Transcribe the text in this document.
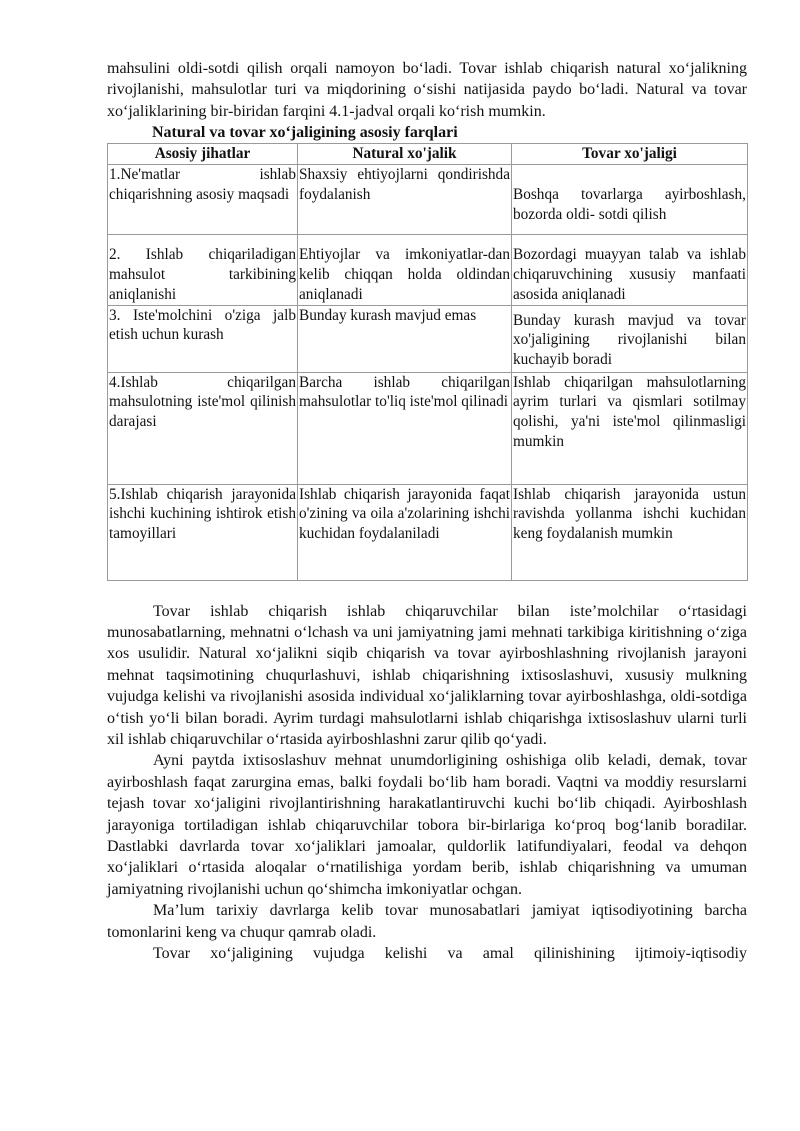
mahsulini oldi-sotdi qilish orqali namoyon bo‘ladi. Tovar ishlab chiqarish natural xo‘jalikning rivojlanishi, mahsulotlar turi va miqdorining o‘sishi natijasida paydo bo‘ladi. Natural va tovar xo‘jaliklarining bir-biridan farqini 4.1-jadval orqali ko‘rish mumkin.

Natural va tovar xo‘jaligining asosiy farqlari
Asosiy jihatlar	Natural xo'jalik	Tovar xo'jaligi
1.Ne'matlar ishlab chiqarishning asosiy maqsadi	Shaxsiy ehtiyojlarni qondirishda foydalanish	Boshqa tovarlarga ayirboshlash, bozorda oldi- sotdi qilish
2. Ishlab chiqariladigan mahsulot tarkibining aniqlanishi	Ehtiyojlar va imkoniyatlar-dan kelib chiqqan holda oldindan aniqlanadi	Bozordagi muayyan talab va ishlab chiqaruvchining xususiy manfaati asosida aniqlanadi
3. Iste'molchini o'ziga jalb etish uchun kurash	Bunday kurash mavjud emas	Bunday kurash mavjud va tovar xo'jaligining rivojlanishi bilan kuchayib boradi
4.Ishlab chiqarilgan mahsulotning iste'mol qilinish darajasi	Barcha ishlab chiqarilgan mahsulotlar to'liq iste'mol qilinadi	Ishlab chiqarilgan mahsulotlarning ayrim turlari va qismlari sotilmay qolishi, ya'ni iste'mol qilinmasligi mumkin
5.Ishlab chiqarish jarayonida ishchi kuchining ishtirok etish tamoyillari	Ishlab chiqarish jarayonida faqat o'zining va oila a'zolarining ishchi kuchidan foydalaniladi	Ishlab chiqarish jarayonida ustun ravishda yollanma ishchi kuchidan keng foydalanish mumkin

Tovar ishlab chiqarish ishlab chiqaruvchilar bilan iste’molchilar o‘rtasidagi munosabatlarning, mehnatni o‘lchash va uni jamiyatning jami mehnati tarkibiga kiritishning o‘ziga xos usulidir. Natural xo‘jalikni siqib chiqarish va tovar ayirboshlashning rivojlanish jarayoni mehnat taqsimotining chuqurlashuvi, ishlab chiqarishning ixtisoslashuvi, xususiy mulkning vujudga kelishi va rivojlanishi asosida individual xo‘jaliklarning tovar ayirboshlashga, oldi-sotdiga o‘tish yo‘li bilan boradi. Ayrim turdagi mahsulotlarni ishlab chiqarishga ixtisoslashuv ularni turli xil ishlab chiqaruvchilar o‘rtasida ayirboshlashni zarur qilib qo‘yadi.

Ayni paytda ixtisoslashuv mehnat unumdorligining oshishiga olib keladi, demak, tovar ayirboshlash faqat zarurgina emas, balki foydali bo‘lib ham boradi. Vaqtni va moddiy resurslarni tejash tovar xo‘jaligini rivojlantirishning harakatlantiruvchi kuchi bo‘lib chiqadi. Ayirboshlash jarayoniga tortiladigan ishlab chiqaruvchilar tobora bir-birlariga ko‘proq bog‘lanib boradilar. Dastlabki davrlarda tovar xo‘jaliklari jamoalar, quldorlik latifundiyalari, feodal va dehqon xo‘jaliklari o‘rtasida aloqalar o‘rnatilishiga yordam berib, ishlab chiqarishning va umuman jamiyatning rivojlanishi uchun qo‘shimcha imkoniyatlar ochgan.

Ma’lum tarixiy davrlarga kelib tovar munosabatlari jamiyat iqtisodiyotining barcha tomonlarini keng va chuqur qamrab oladi.

Tovar xo‘jaligining vujudga kelishi va amal qilinishining ijtimoiy-iqtisodiy
